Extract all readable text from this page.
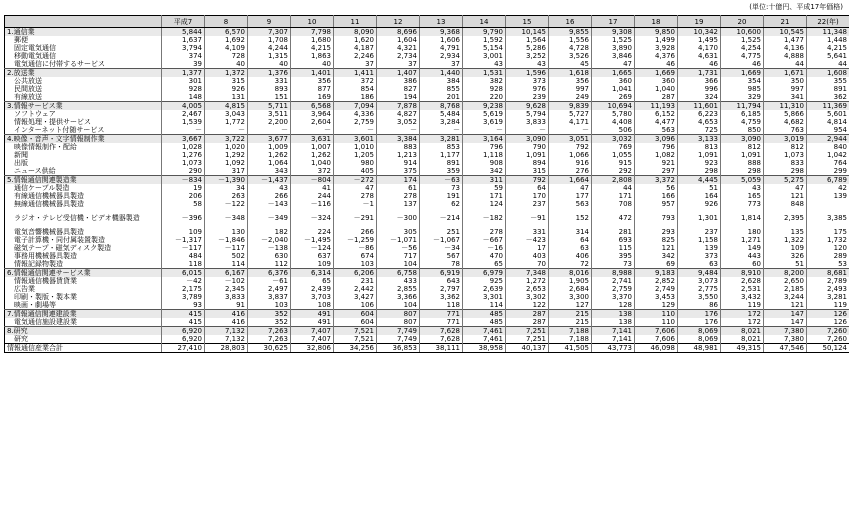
(単位:十億円、平成17年価格)
	平成7	8	9	10	11	12	13	14	15	16	17	18	19	20	21	22(年)
1.通信業	5,844	6,570	7,307	7,798	8,090	8,696	9,368	9,790	10,145	9,855	9,308	9,850	10,342	10,600	10,545	11,348
郵便	1,637	1,692	1,708	1,680	1,620	1,604	1,606	1,592	1,564	1,556	1,525	1,499	1,495	1,525	1,477	1,448
固定電気通信	3,794	4,109	4,244	4,215	4,187	4,321	4,791	5,154	5,286	4,728	3,890	3,928	4,170	4,254	4,136	4,215
移動電気通信	374	728	1,315	1,863	2,246	2,734	2,934	3,001	3,252	3,526	3,846	4,376	4,631	4,775	4,888	5,641
電気通信に付帯するサービス	39	40	40	40	37	37	37	43	43	45	47	46	46	46	44	44
2.放送業	1,377	1,372	1,376	1,401	1,411	1,407	1,440	1,531	1,596	1,618	1,665	1,669	1,731	1,669	1,671	1,608
公共放送	301	315	331	356	372	386	384	382	373	356	360	360	366	354	350	355
民間放送	928	926	893	877	854	827	855	928	976	997	1,041	1,040	996	985	997	891
有線放送	148	131	151	169	186	194	201	220	239	249	269	287	324	329	341	362
3.情報サービス業	4,005	4,815	5,711	6,568	7,094	7,878	8,768	9,238	9,628	9,839	10,694	11,193	11,601	11,794	11,310	11,369
ソフトウェア	2,467	3,043	3,511	3,964	4,336	4,827	5,484	5,619	5,794	5,727	5,780	6,152	6,223	6,185	5,866	5,601
情報処理・提供サービス	1,539	1,772	2,200	2,604	2,759	3,052	3,284	3,619	3,833	4,171	4,408	4,477	4,653	4,759	4,682	4,814
インターネット付随サービス	－	－	－	－	－	－	－	－	－	－	506	563	725	850	763	954
4.映像・音声・文字情報制作業	3,667	3,722	3,677	3,631	3,601	3,384	3,281	3,164	3,090	3,051	3,032	3,096	3,133	3,090	3,019	2,944
映像情報制作・配給	1,028	1,020	1,009	1,007	1,010	883	853	796	790	792	769	796	813	812	812	840
新聞	1,276	1,292	1,262	1,262	1,205	1,213	1,177	1,118	1,091	1,066	1,055	1,082	1,091	1,091	1,073	1,042
出版	1,073	1,092	1,064	1,040	980	914	891	908	894	916	915	921	923	888	833	764
ニュース供給	290	317	343	372	405	375	359	342	315	276	292	297	298	298	298	299
5.情報通信関連製造業	－834	－1,390	－1,437	－804	－272	174	－63	311	792	1,664	2,808	3,372	4,445	5,059	5,275	6,789
通信ケーブル製造	19	34	43	41	47	61	73	59	64	47	44	56	51	43	47	42
有線通信機械器具製造	206	263	266	244	278	278	191	171	170	177	171	166	164	165	121	139
無線通信機械器具製造	58	－122	－143	－116	－1	137	62	124	237	563	708	957	926	773	848	
ラジオ・テレビ受信機・ビデオ機器製造	－396	－348	－349	－324	－291	－300	－214	－182	－91	152	472	793	1,301	1,814	2,395	3,385
電気音響機械器具製造	109	130	182	224	266	305	251	278	331	314	281	293	237	180	135	175
電子計算機・同付属装置製造	－1,317	－1,846	－2,040	－1,495	－1,259	－1,071	－1,067	－667	－423	64	693	825	1,158	1,271	1,322	1,732
磁気テープ・磁気ディスク製造	－117	－117	－138	－124	－86	－56	－34	－16	17	63	115	121	139	149	109	120
事務用機械器具製造	484	502	630	637	674	717	567	470	403	406	395	342	373	443	326	289
情報記録物製造	118	114	112	109	103	104	78	65	70	72	73	69	63	60	51	53
6.情報通信関連サービス業	6,015	6,167	6,376	6,314	6,206	6,758	6,919	6,979	7,348	8,016	8,988	9,183	9,484	8,910	8,200	8,681
情報通信機器賃貸業	－42	－102	－61	65	231	433	643	925	1,272	1,905	2,741	2,852	3,073	2,628	2,650	2,789
広告業	2,175	2,345	2,497	2,439	2,442	2,855	2,797	2,639	2,653	2,684	2,759	2,749	2,775	2,531	2,185	2,493
印刷・製版・製本業	3,789	3,833	3,837	3,703	3,427	3,366	3,362	3,301	3,302	3,300	3,370	3,453	3,550	3,432	3,244	3,281
映画・劇場等	93	91	103	108	106	104	118	114	122	127	128	129	86	119	121	119
7.情報通信関連建設業	415	416	352	491	604	807	771	485	287	215	138	110	176	172	147	126
電気通信施設建設業	415	416	352	491	604	807	771	485	287	215	138	110	176	172	147	126
8.研究	6,920	7,132	7,263	7,407	7,521	7,749	7,628	7,461	7,251	7,188	7,141	7,606	8,069	8,021	7,380	7,260
研究	6,920	7,132	7,263	7,407	7,521	7,749	7,628	7,461	7,251	7,188	7,141	7,606	8,069	8,021	7,380	7,260
情報通信産業合計	27,410	28,803	30,625	32,806	34,256	36,853	38,111	38,958	40,137	41,505	43,773	46,098	48,981	49,315	47,546	50,124
